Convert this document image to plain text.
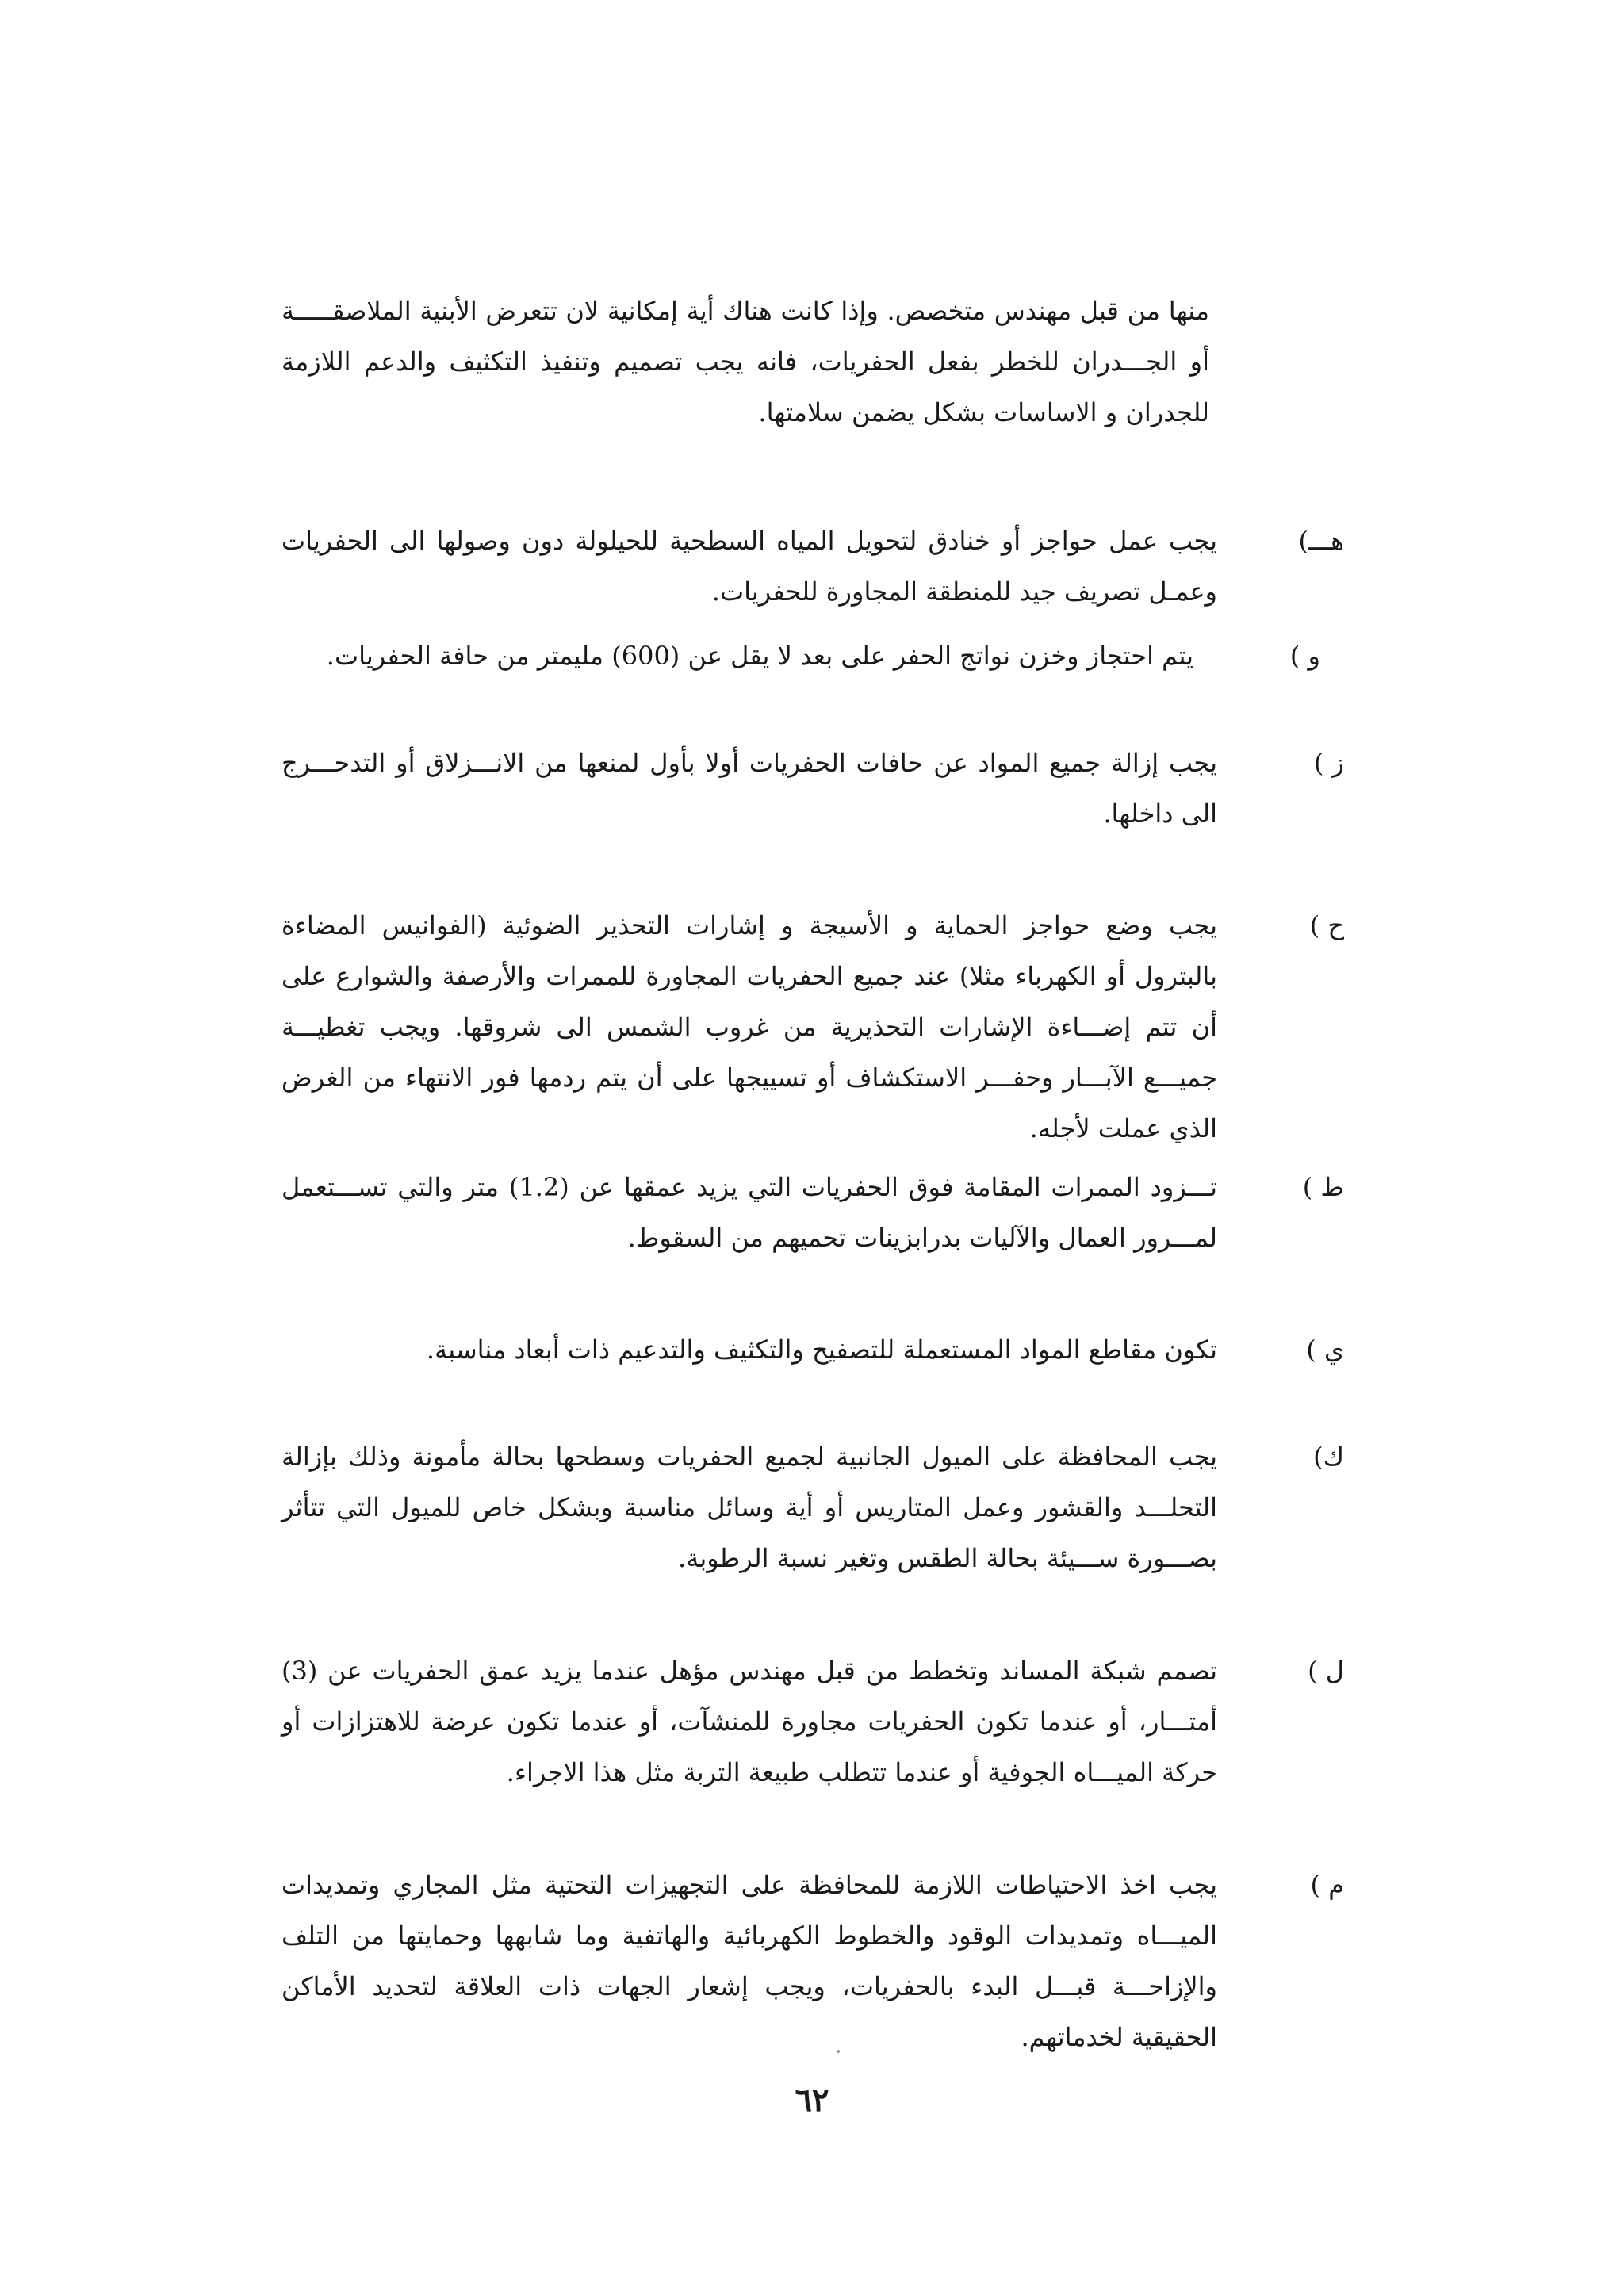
منها من قبل مهندس متخصص. وإذا كانت هناك أية إمكانية لان تتعرض الأبنية الملاصقـــــة أو الجـــدران للخطر بفعل الحفريات، فانه يجب تصميم وتنفيذ التكثيف والدعم اللازمة للجدران و الاساسات بشكل يضمن سلامتها.
هـــ)
يجب عمل حواجز أو خنادق لتحويل المياه السطحية للحيلولة دون وصولها الى الحفريات وعمـل تصريف جيد للمنطقة المجاورة للحفريات.
و )
يتم احتجاز وخزن نواتج الحفر على بعد لا يقل عن (600) مليمتر من حافة الحفريات.
ز )
يجب إزالة جميع المواد عن حافات الحفريات أولا بأول لمنعها من الانـــزلاق أو التدحـــرج الى داخلها.
ح )
يجب وضع حواجز الحماية و الأسيجة و إشارات التحذير الضوئية (الفوانيس المضاءة بالبترول أو الكهرباء مثلا) عند جميع الحفريات المجاورة للممرات والأرصفة والشوارع على أن تتم إضـــاءة الإشارات التحذيرية من غروب الشمس الى شروقها. ويجب تغطيـــة جميـــع الآبـــار وحفـــر الاستكشاف أو تسييجها على أن يتم ردمها فور الانتهاء من الغرض الذي عملت لأجله.
ط )
تـــزود الممرات المقامة فوق الحفريات التي يزيد عمقها عن (1.2) متر والتي تســـتعمل لمـــرور العمال والآليات بدرابزينات تحميهم من السقوط.
ي )
تكون مقاطع المواد المستعملة للتصفيح والتكثيف والتدعيم ذات أبعاد مناسبة.
ك)
يجب المحافظة على الميول الجانبية لجميع الحفريات وسطحها بحالة مأمونة وذلك بإزالة التحلـــد والقشور وعمل المتاريس أو أية وسائل مناسبة وبشكل خاص للميول التي تتأثر بصـــورة ســـيئة بحالة الطقس وتغير نسبة الرطوبة.
ل )
تصمم شبكة المساند وتخطط من قبل مهندس مؤهل عندما يزيد عمق الحفريات عن (3) أمتـــار، أو عندما تكون الحفريات مجاورة للمنشآت، أو عندما تكون عرضة للاهتزازات أو حركة الميـــاه الجوفية أو عندما تتطلب طبيعة التربة مثل هذا الاجراء.
م )
يجب اخذ الاحتياطات اللازمة للمحافظة على التجهيزات التحتية مثل المجاري وتمديدات الميـــاه وتمديدات الوقود والخطوط الكهربائية والهاتفية وما شابهها وحمايتها من التلف والإزاحـــة قبـــل البدء بالحفريات، ويجب إشعار الجهات ذات العلاقة لتحديد الأماكن الحقيقية لخدماتهم.
٦٢
